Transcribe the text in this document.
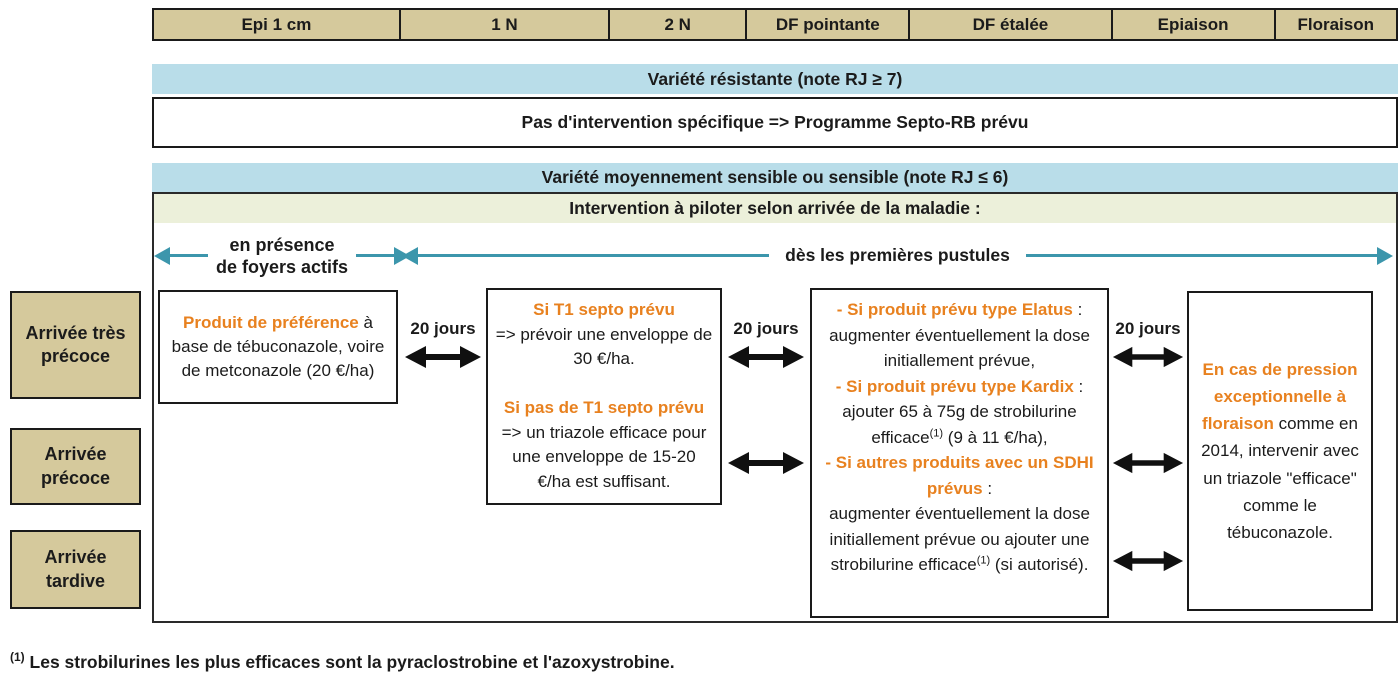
Epi 1 cm	1 N	2 N	DF pointante	DF étalée	Epiaison	Floraison
Variété résistante (note RJ ≥ 7)
Pas d'intervention spécifique => Programme Septo-RB prévu
Variété moyennement sensible ou sensible (note RJ ≤ 6)
Intervention à piloter selon arrivée de la maladie :
en présence
de foyers actifs
dès les premières pustules
Arrivée très précoce
Arrivée précoce
Arrivée tardive
Produit de préférence à base de tébuconazole, voire de metconazole (20 €/ha)
20 jours
Si T1 septo prévu
=> prévoir une enveloppe de 30 €/ha.
Si pas de T1 septo prévu
=> un triazole efficace pour une enveloppe de 15-20 €/ha est suffisant.
20 jours
- Si produit prévu type Elatus :
augmenter éventuellement la dose initiallement prévue,
- Si produit prévu type Kardix :
ajouter 65 à 75g de strobilurine efficace$^{(1)}$ (9 à 11 €/ha),
- Si autres produits avec un SDHI prévus :
augmenter éventuellement la dose initiallement prévue ou ajouter une strobilurine efficace$^{(1)}$ (si autorisé).
20 jours
En cas de pression exceptionnelle à floraison comme en 2014, intervenir avec un triazole "efficace" comme le tébuconazole.
$^{(1)}$ Les strobilurines les plus efficaces sont la pyraclostrobine et l'azoxystrobine.
